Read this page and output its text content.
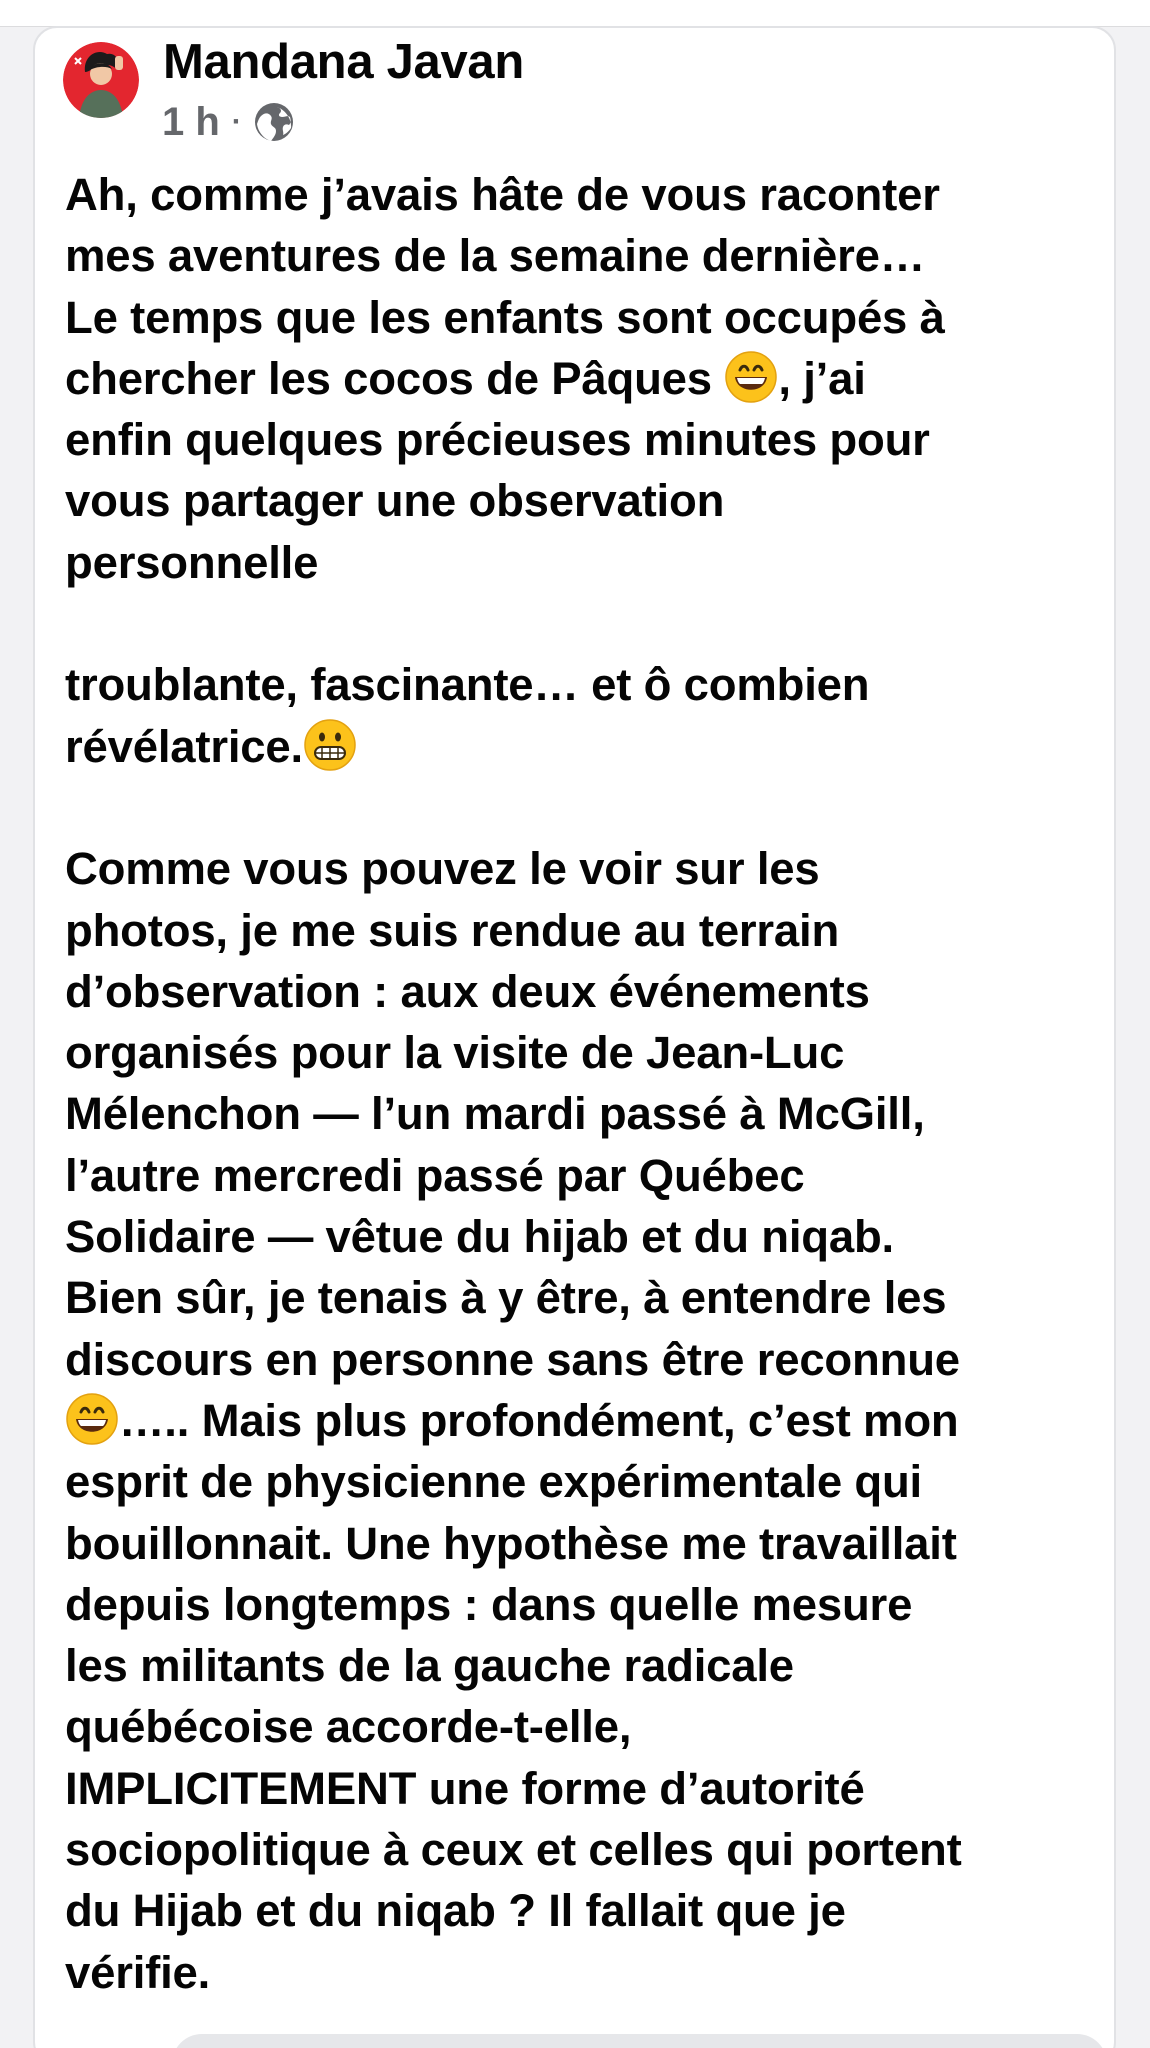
Mandana Javan
1 h ·
Ah, comme j’avais hâte de vous raconter
mes aventures de la semaine dernière…
Le temps que les enfants sont occupés à
chercher les cocos de Pâques , j’ai
enfin quelques précieuses minutes pour
vous partager une observation
personnelle
troublante, fascinante… et ô combien
révélatrice.
Comme vous pouvez le voir sur les
photos, je me suis rendue au terrain
d’observation : aux deux événements
organisés pour la visite de Jean-Luc
Mélenchon — l’un mardi passé à McGill,
l’autre mercredi passé par Québec
Solidaire — vêtue du hijab et du niqab.
Bien sûr, je tenais à y être, à entendre les
discours en personne sans être reconnue
….. Mais plus profondément, c’est mon
esprit de physicienne expérimentale qui
bouillonnait. Une hypothèse me travaillait
depuis longtemps : dans quelle mesure
les militants de la gauche radicale
québécoise accorde-t-elle,
IMPLICITEMENT une forme d’autorité
sociopolitique à ceux et celles qui portent
du Hijab et du niqab ? Il fallait que je
vérifie.
